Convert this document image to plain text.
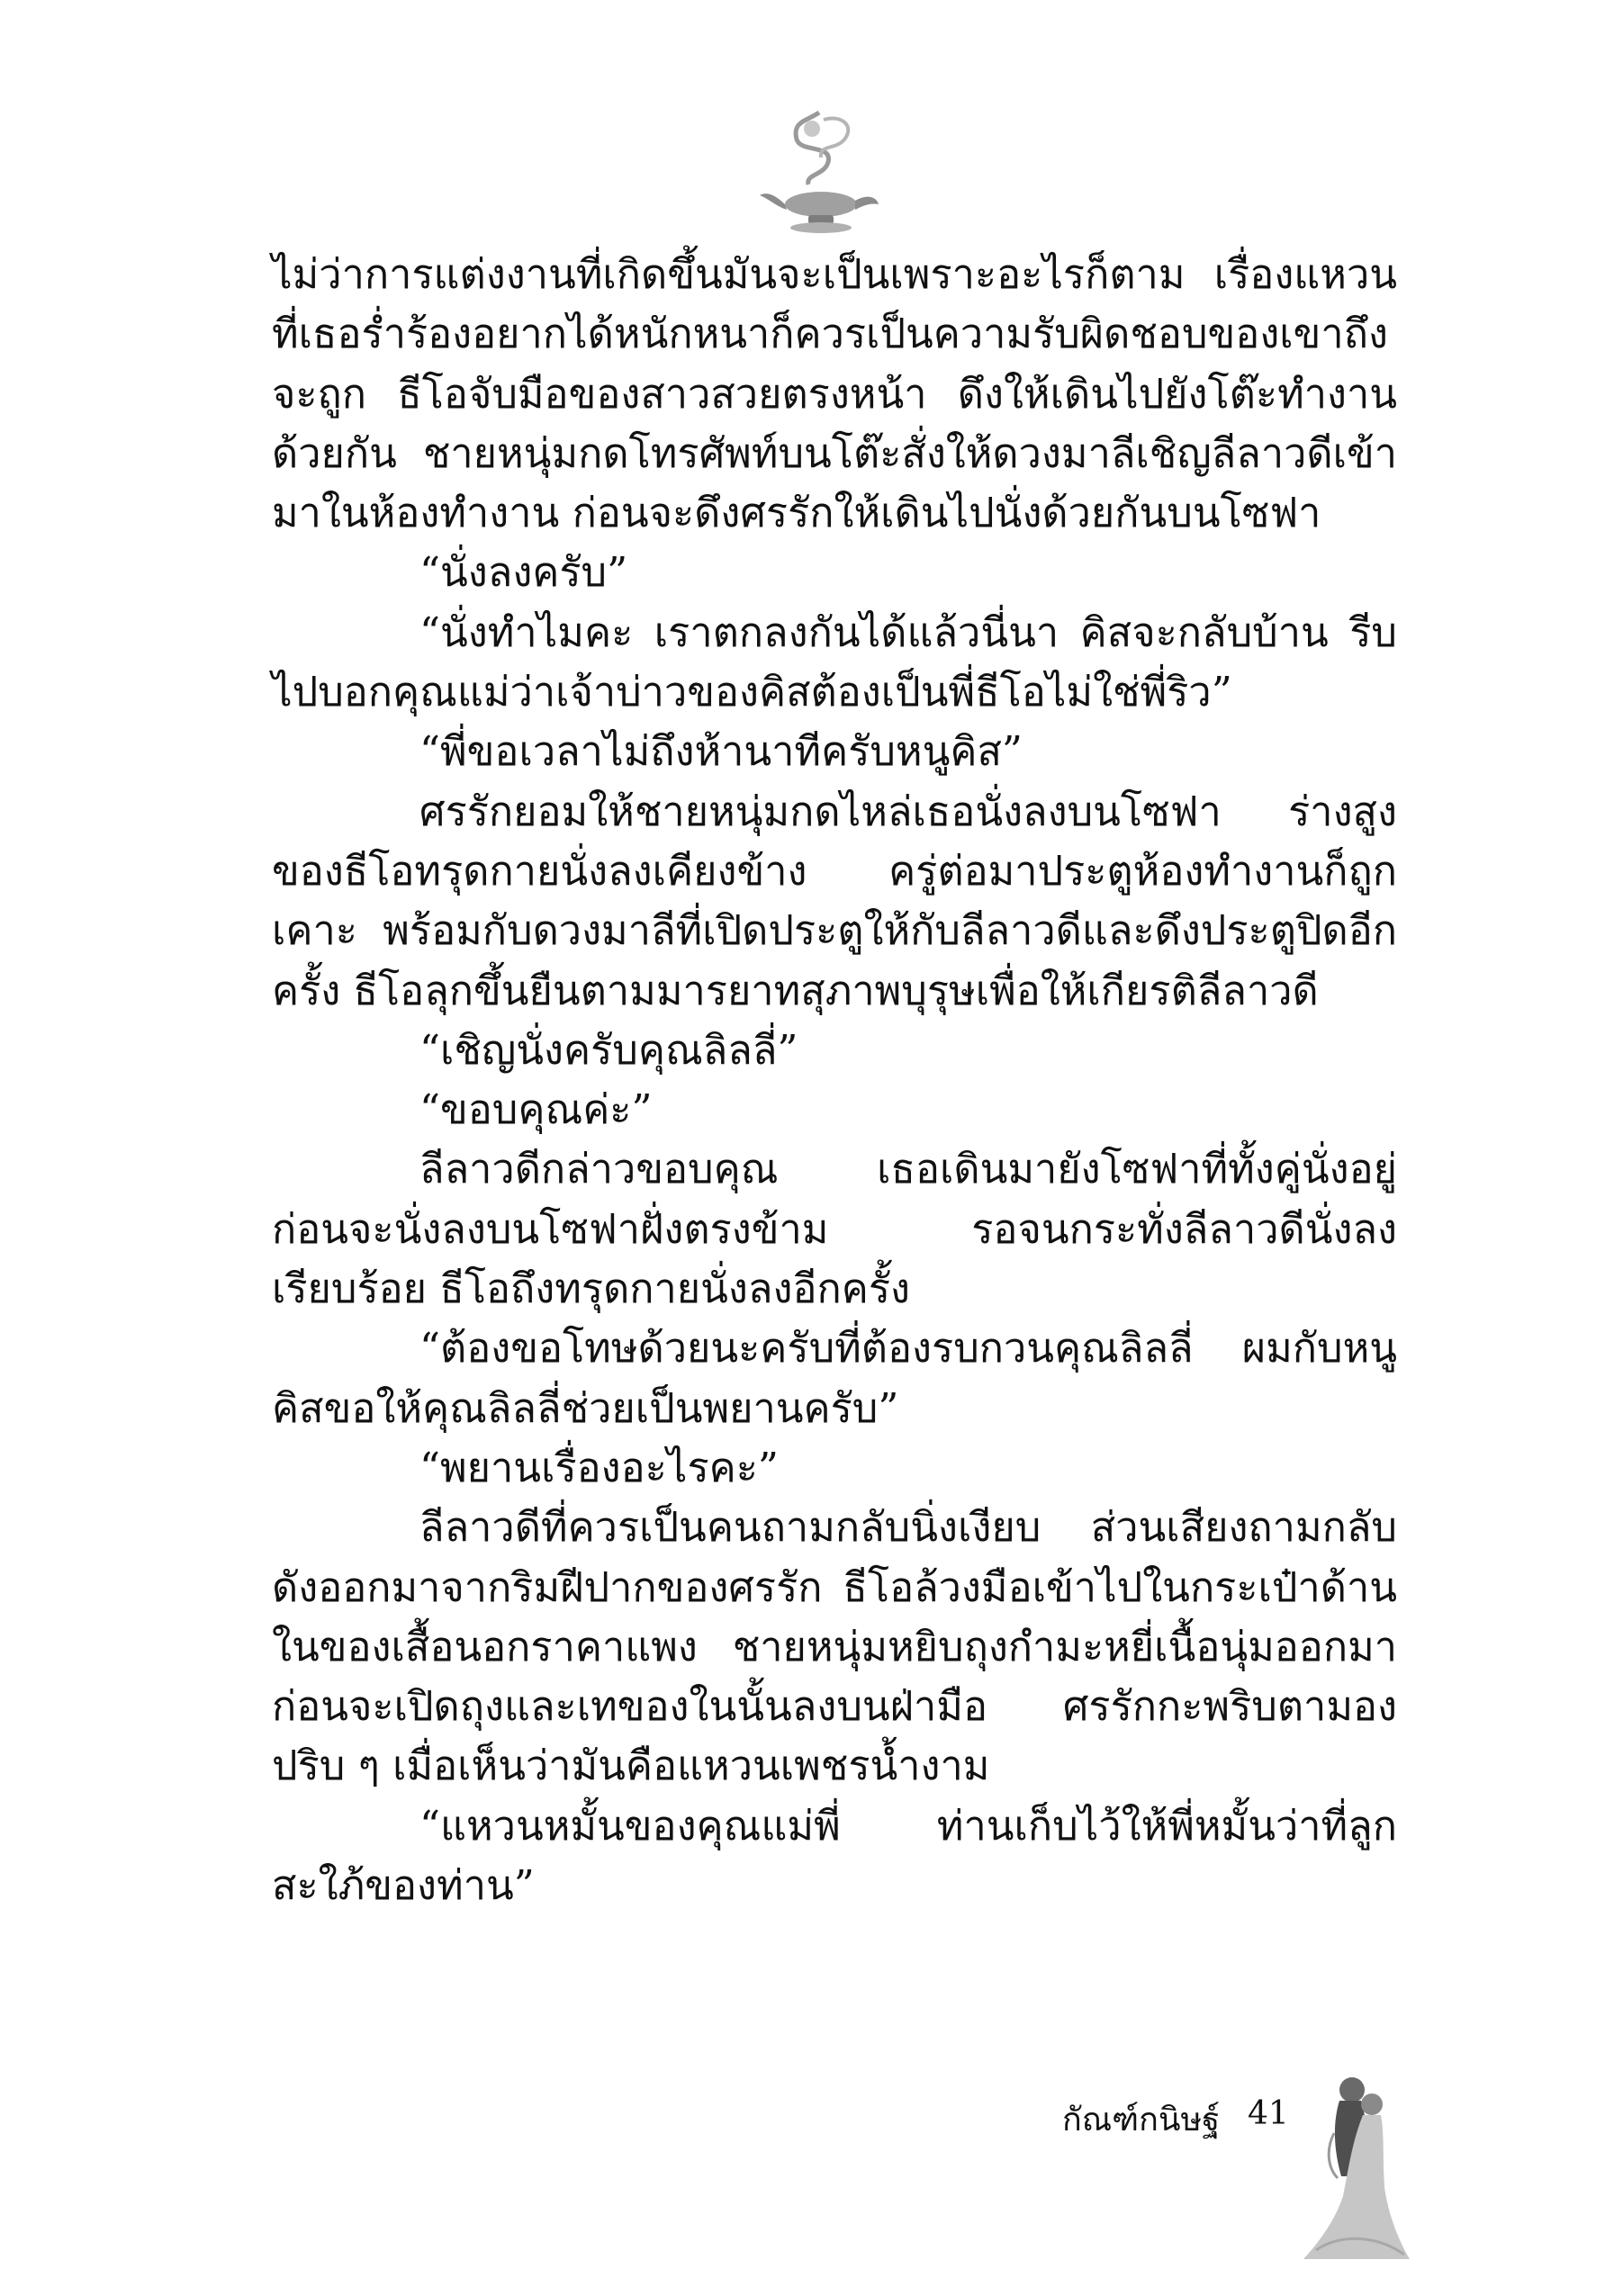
ไม่ว่าการแต่งงานที่เกิดขึ้นมันจะเป็นเพราะอะไรก็ตาม เรื่องแหวนที่เธอร่ำร้องอยากได้หนักหนาก็ควรเป็นความรับผิดชอบของเขาถึงจะถูก ธีโอจับมือของสาวสวยตรงหน้า ดึงให้เดินไปยังโต๊ะทำงานด้วยกัน ชายหนุ่มกดโทรศัพท์บนโต๊ะสั่งให้ดวงมาลีเชิญลีลาวดีเข้ามาในห้องทำงาน ก่อนจะดึงศรรักให้เดินไปนั่งด้วยกันบนโซฟา

“นั่งลงครับ”

“นั่งทำไมคะ เราตกลงกันได้แล้วนี่นา คิสจะกลับบ้าน รีบไปบอกคุณแม่ว่าเจ้าบ่าวของคิสต้องเป็นพี่ธีโอไม่ใช่พี่ริว”

“พี่ขอเวลาไม่ถึงห้านาทีครับหนูคิส”

ศรรักยอมให้ชายหนุ่มกดไหล่เธอนั่งลงบนโซฟา ร่างสูงของธีโอทรุดกายนั่งลงเคียงข้าง ครู่ต่อมาประตูห้องทำงานก็ถูกเคาะ พร้อมกับดวงมาลีที่เปิดประตูให้กับลีลาวดีและดึงประตูปิดอีกครั้ง ธีโอลุกขึ้นยืนตามมารยาทสุภาพบุรุษเพื่อให้เกียรติลีลาวดี

“เชิญนั่งครับคุณลิลลี่”

“ขอบคุณค่ะ”

ลีลาวดีกล่าวขอบคุณ เธอเดินมายังโซฟาที่ทั้งคู่นั่งอยู่ ก่อนจะนั่งลงบนโซฟาฝั่งตรงข้าม รอจนกระทั่งลีลาวดีนั่งลงเรียบร้อย ธีโอถึงทรุดกายนั่งลงอีกครั้ง

“ต้องขอโทษด้วยนะครับที่ต้องรบกวนคุณลิลลี่ ผมกับหนูคิสขอให้คุณลิลลี่ช่วยเป็นพยานครับ”

“พยานเรื่องอะไรคะ”

ลีลาวดีที่ควรเป็นคนถามกลับนิ่งเงียบ ส่วนเสียงถามกลับดังออกมาจากริมฝีปากของศรรัก ธีโอล้วงมือเข้าไปในกระเป๋าด้านในของเสื้อนอกราคาแพง ชายหนุ่มหยิบถุงกำมะหยี่เนื้อนุ่มออกมา ก่อนจะเปิดถุงและเทของในนั้นลงบนฝ่ามือ ศรรักกะพริบตามองปริบ ๆ เมื่อเห็นว่ามันคือแหวนเพชรน้ำงาม

“แหวนหมั้นของคุณแม่พี่ ท่านเก็บไว้ให้พี่หมั้นว่าที่ลูกสะใภ้ของท่าน”

กัณฑ์กนิษฐ์ 41
